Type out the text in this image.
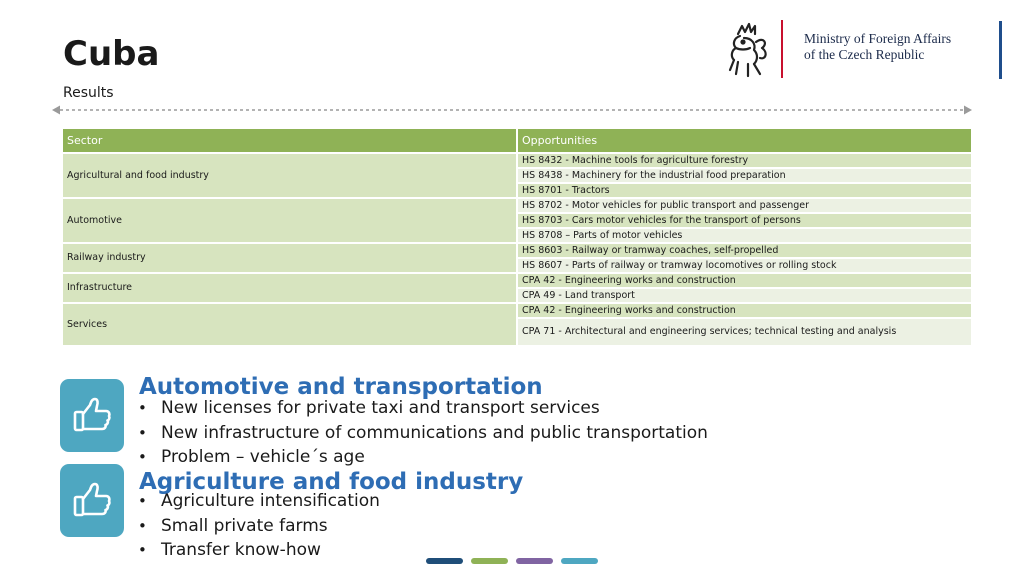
Cuba
Results
Ministry of Foreign Affairs
of the Czech Republic
Sector	Opportunities
Agricultural and food industry	HS 8432 - Machine tools for agriculture forestry
	HS 8438 - Machinery for the industrial food preparation
	HS 8701 - Tractors
Automotive	HS 8702 - Motor vehicles for public transport and passenger
	HS 8703 - Cars motor vehicles for the transport of persons
	HS 8708 – Parts of motor vehicles
Railway industry	HS 8603 - Railway or tramway coaches, self-propelled
	HS 8607 - Parts of railway or tramway locomotives or rolling stock
Infrastructure	CPA 42 - Engineering works and construction
	CPA 49 - Land transport
Services	CPA 42 - Engineering works and construction
	CPA 71 - Architectural and engineering services; technical testing and analysis
Automotive and transportation
• New licenses for private taxi and transport services
• New infrastructure of communications and public transportation
• Problem – vehicle´s age
Agriculture and food industry
• Agriculture intensification
• Small private farms
• Transfer know-how
